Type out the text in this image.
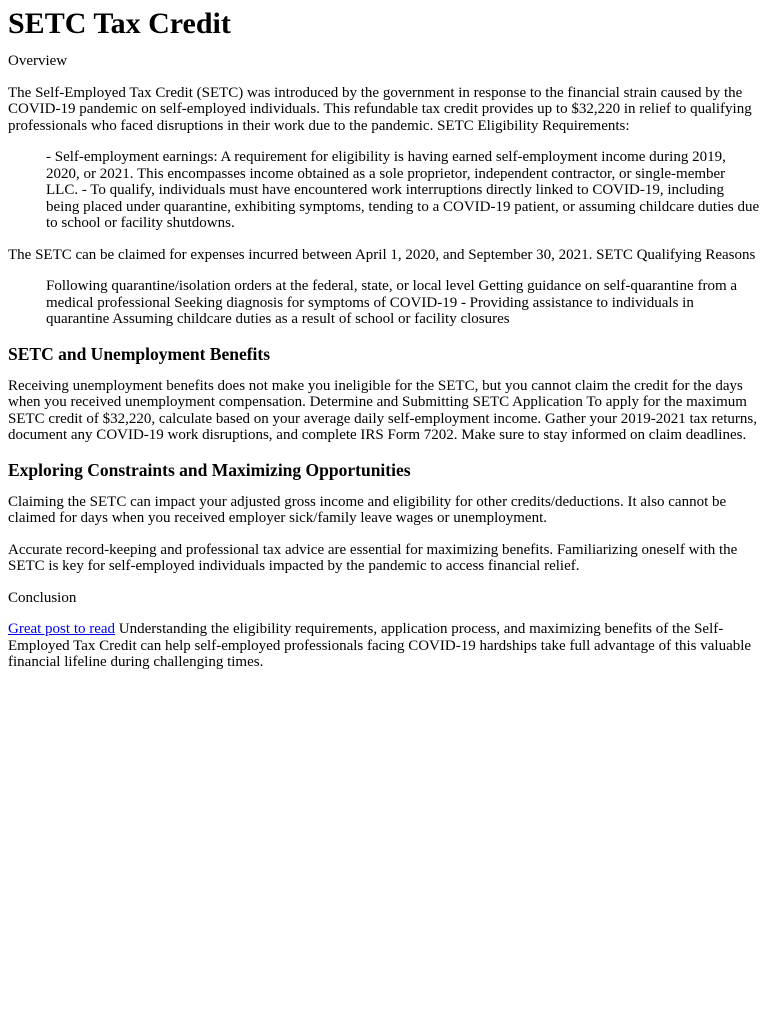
SETC Tax Credit

Overview

The Self-Employed Tax Credit (SETC) was introduced by the government in response to the financial strain caused by the COVID-19 pandemic on self-employed individuals. This refundable tax credit provides up to $32,220 in relief to qualifying professionals who faced disruptions in their work due to the pandemic. SETC Eligibility Requirements:

- Self-employment earnings: A requirement for eligibility is having earned self-employment income during 2019, 2020, or 2021. This encompasses income obtained as a sole proprietor, independent contractor, or single-member LLC. - To qualify, individuals must have encountered work interruptions directly linked to COVID-19, including being placed under quarantine, exhibiting symptoms, tending to a COVID-19 patient, or assuming childcare duties due to school or facility shutdowns.

The SETC can be claimed for expenses incurred between April 1, 2020, and September 30, 2021. SETC Qualifying Reasons

Following quarantine/isolation orders at the federal, state, or local level Getting guidance on self-quarantine from a medical professional Seeking diagnosis for symptoms of COVID-19 - Providing assistance to individuals in quarantine Assuming childcare duties as a result of school or facility closures

SETC and Unemployment Benefits

Receiving unemployment benefits does not make you ineligible for the SETC, but you cannot claim the credit for the days when you received unemployment compensation. Determine and Submitting SETC Application To apply for the maximum SETC credit of $32,220, calculate based on your average daily self-employment income. Gather your 2019-2021 tax returns, document any COVID-19 work disruptions, and complete IRS Form 7202. Make sure to stay informed on claim deadlines.

Exploring Constraints and Maximizing Opportunities

Claiming the SETC can impact your adjusted gross income and eligibility for other credits/deductions. It also cannot be claimed for days when you received employer sick/family leave wages or unemployment.

Accurate record-keeping and professional tax advice are essential for maximizing benefits. Familiarizing oneself with the SETC is key for self-employed individuals impacted by the pandemic to access financial relief.

Conclusion

Great post to read Understanding the eligibility requirements, application process, and maximizing benefits of the Self-Employed Tax Credit can help self-employed professionals facing COVID-19 hardships take full advantage of this valuable financial lifeline during challenging times.
